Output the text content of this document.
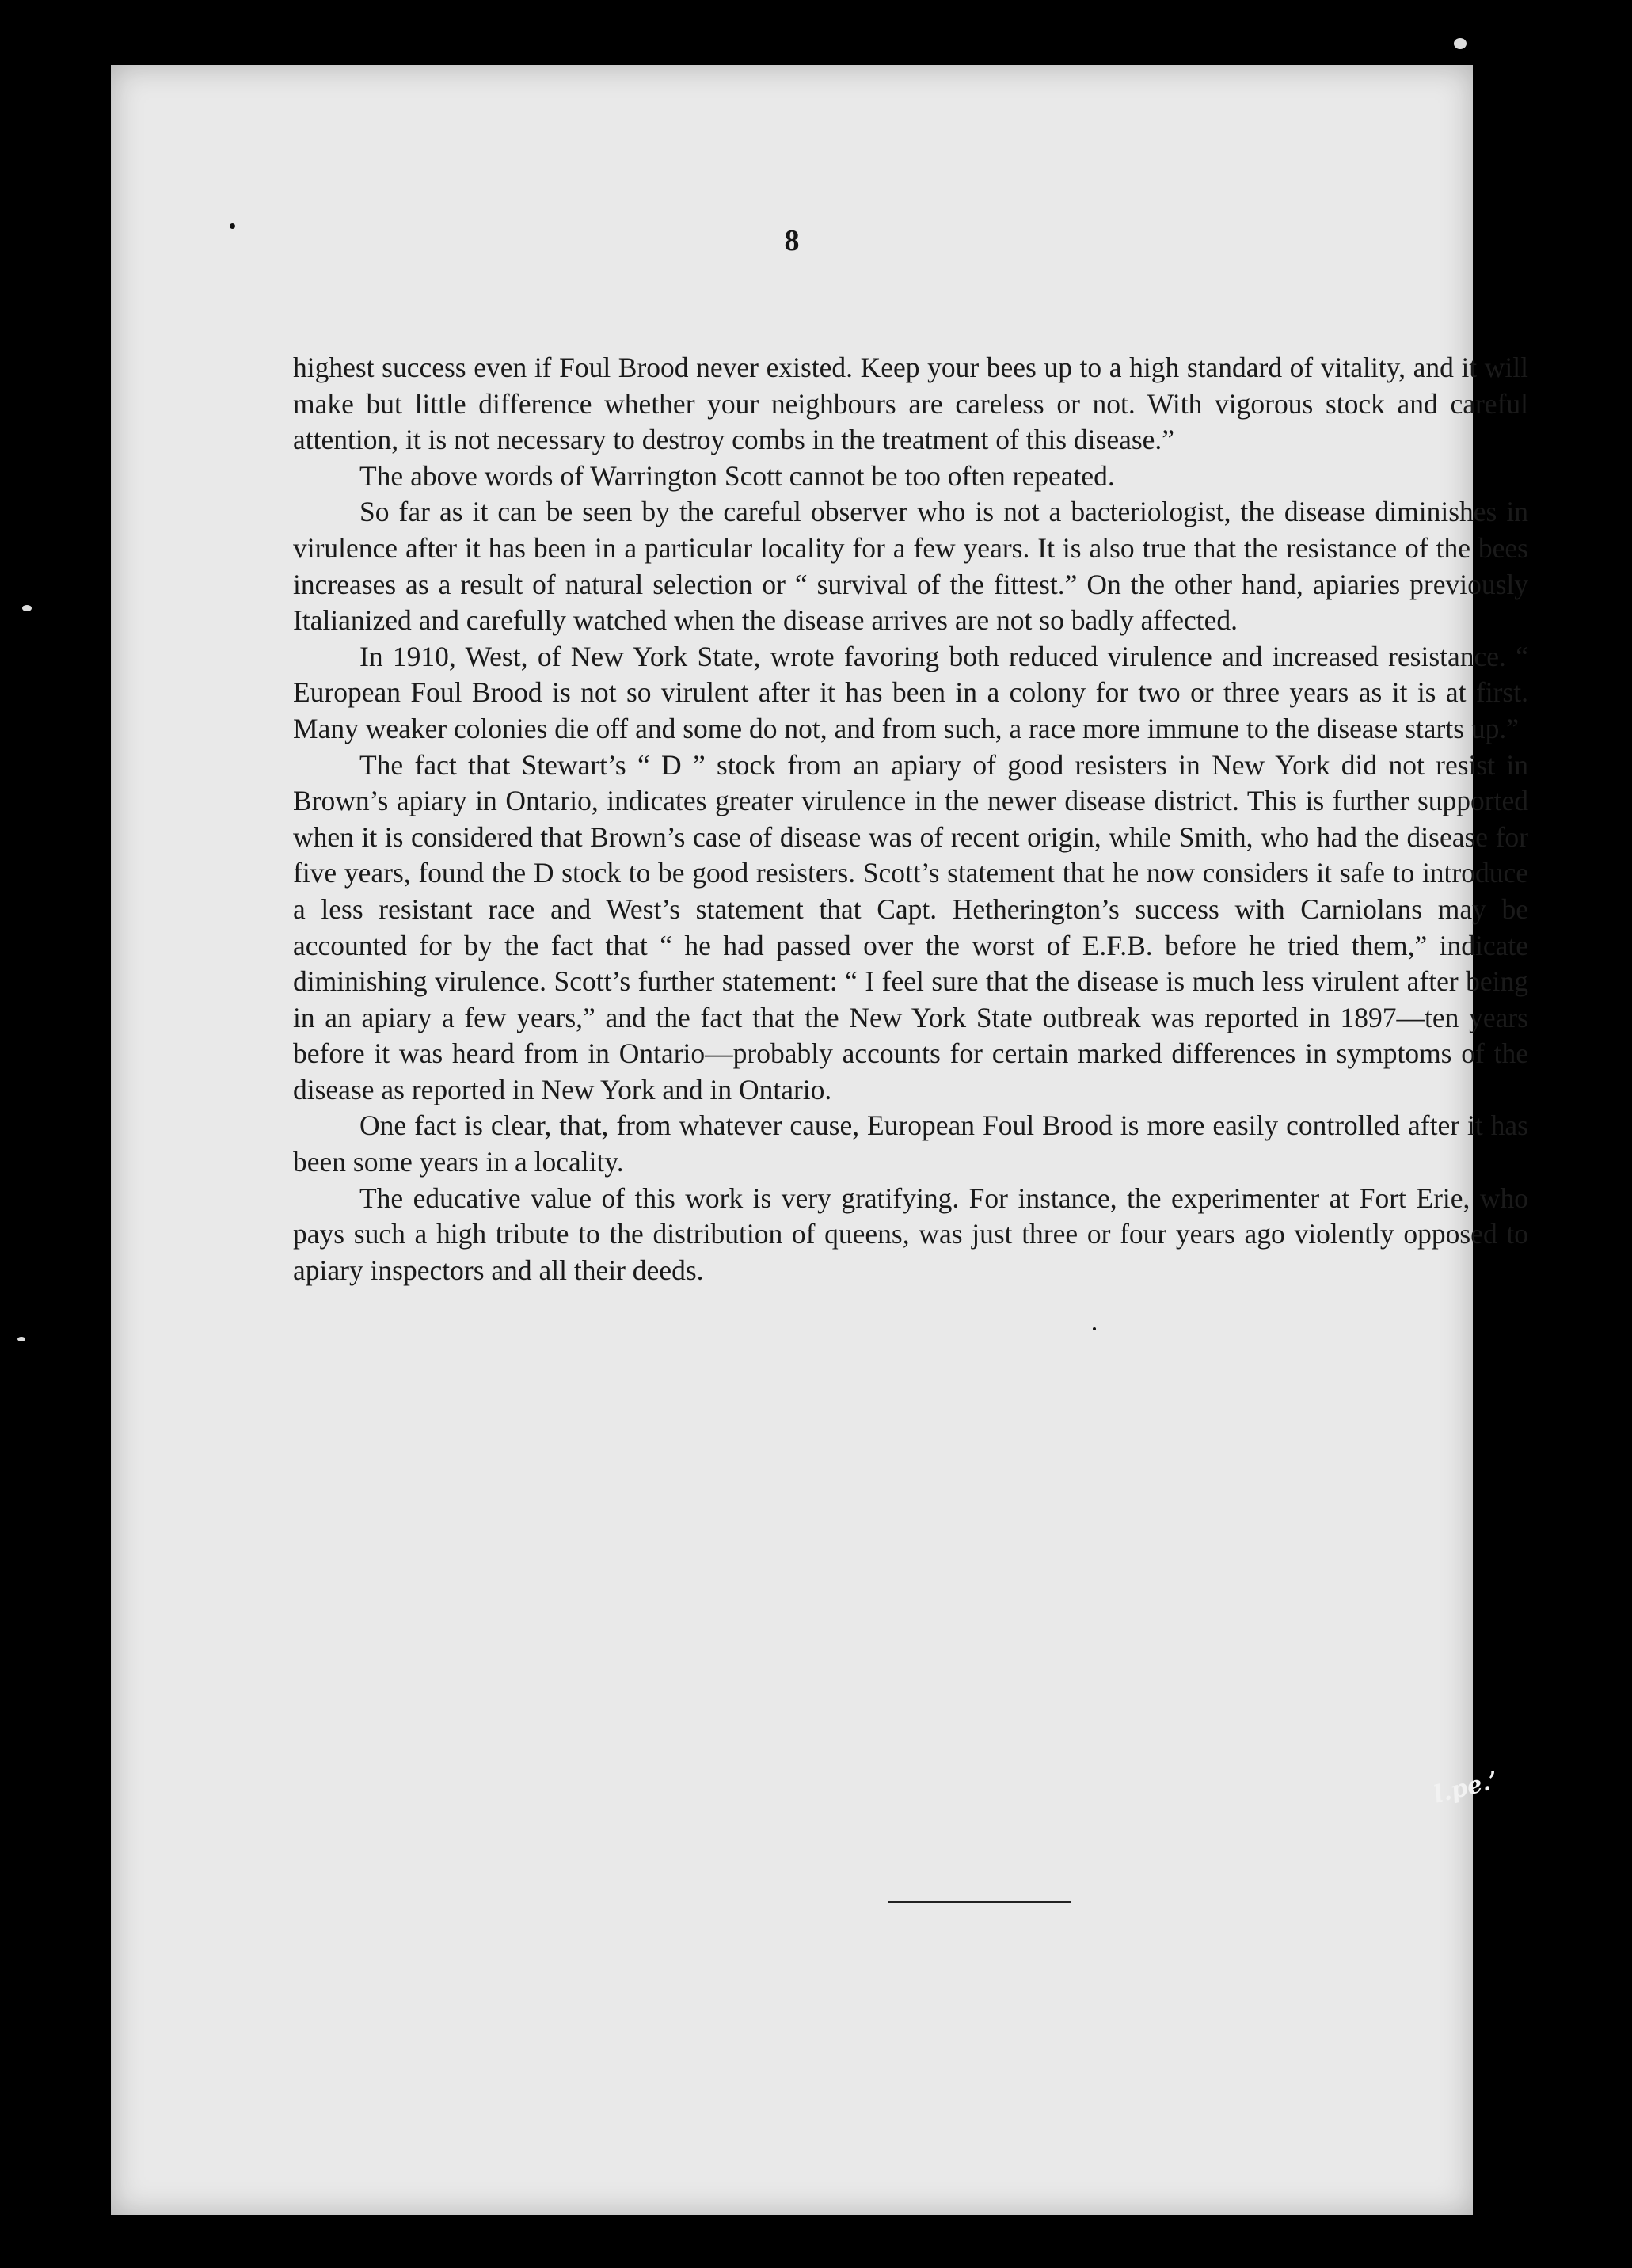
8

highest success even if Foul Brood never existed. Keep your bees up to a high standard of vitality, and it will make but little difference whether your neighbours are careless or not. With vigorous stock and careful attention, it is not necessary to destroy combs in the treatment of this disease.”

The above words of Warrington Scott cannot be too often repeated.

So far as it can be seen by the careful observer who is not a bacteriologist, the disease diminishes in virulence after it has been in a particular locality for a few years. It is also true that the resistance of the bees increases as a result of natural selection or “ survival of the fittest.” On the other hand, apiaries previously Italianized and carefully watched when the disease arrives are not so badly affected.

In 1910, West, of New York State, wrote favoring both reduced virulence and increased resistance. “ European Foul Brood is not so virulent after it has been in a colony for two or three years as it is at first. Many weaker colonies die off and some do not, and from such, a race more immune to the disease starts up.”

The fact that Stewart’s “ D ” stock from an apiary of good resisters in New York did not resist in Brown’s apiary in Ontario, indicates greater virulence in the newer disease district. This is further supported when it is considered that Brown’s case of disease was of recent origin, while Smith, who had the disease for five years, found the D stock to be good resisters. Scott’s statement that he now considers it safe to introduce a less resistant race and West’s statement that Capt. Hetherington’s success with Carniolans may be accounted for by the fact that “ he had passed over the worst of E.F.B. before he tried them,” indicate diminishing virulence. Scott’s further statement: “ I feel sure that the disease is much less virulent after being in an apiary a few years,” and the fact that the New York State outbreak was reported in 1897—ten years before it was heard from in Ontario—probably accounts for certain marked differences in symptoms of the disease as reported in New York and in Ontario.

One fact is clear, that, from whatever cause, European Foul Brood is more easily controlled after it has been some years in a locality.

The educative value of this work is very gratifying. For instance, the experimenter at Fort Erie, who pays such a high tribute to the distribution of queens, was just three or four years ago violently opposed to apiary inspectors and all their deeds.

l.pe.’
